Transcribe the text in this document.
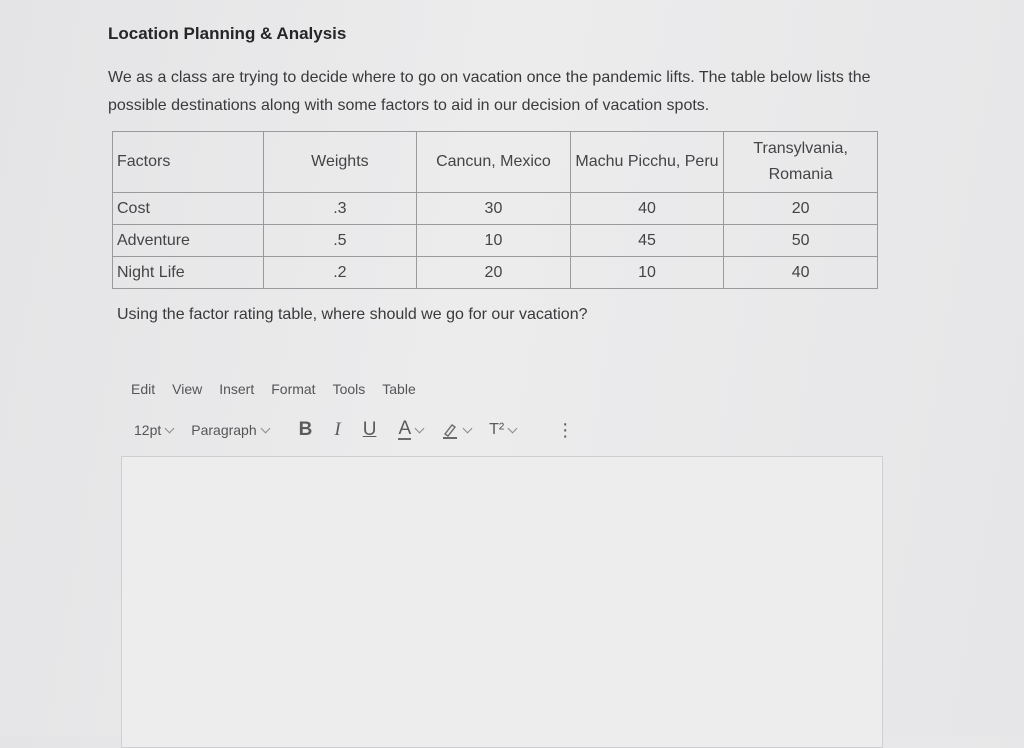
Location Planning & Analysis
We as a class are trying to decide where to go on vacation once the pandemic lifts. The table below lists the possible destinations along with some factors to aid in our decision of vacation spots.
Factors	Weights	Cancun, Mexico	Machu Picchu, Peru	Transylvania, Romania
Cost	.3	30	40	20
Adventure	.5	10	45	50
Night Life	.2	20	10	40
Using the factor rating table, where should we go for our vacation?
Edit View Insert Format Tools Table
12pt Paragraph B I U A	T²	⋮
